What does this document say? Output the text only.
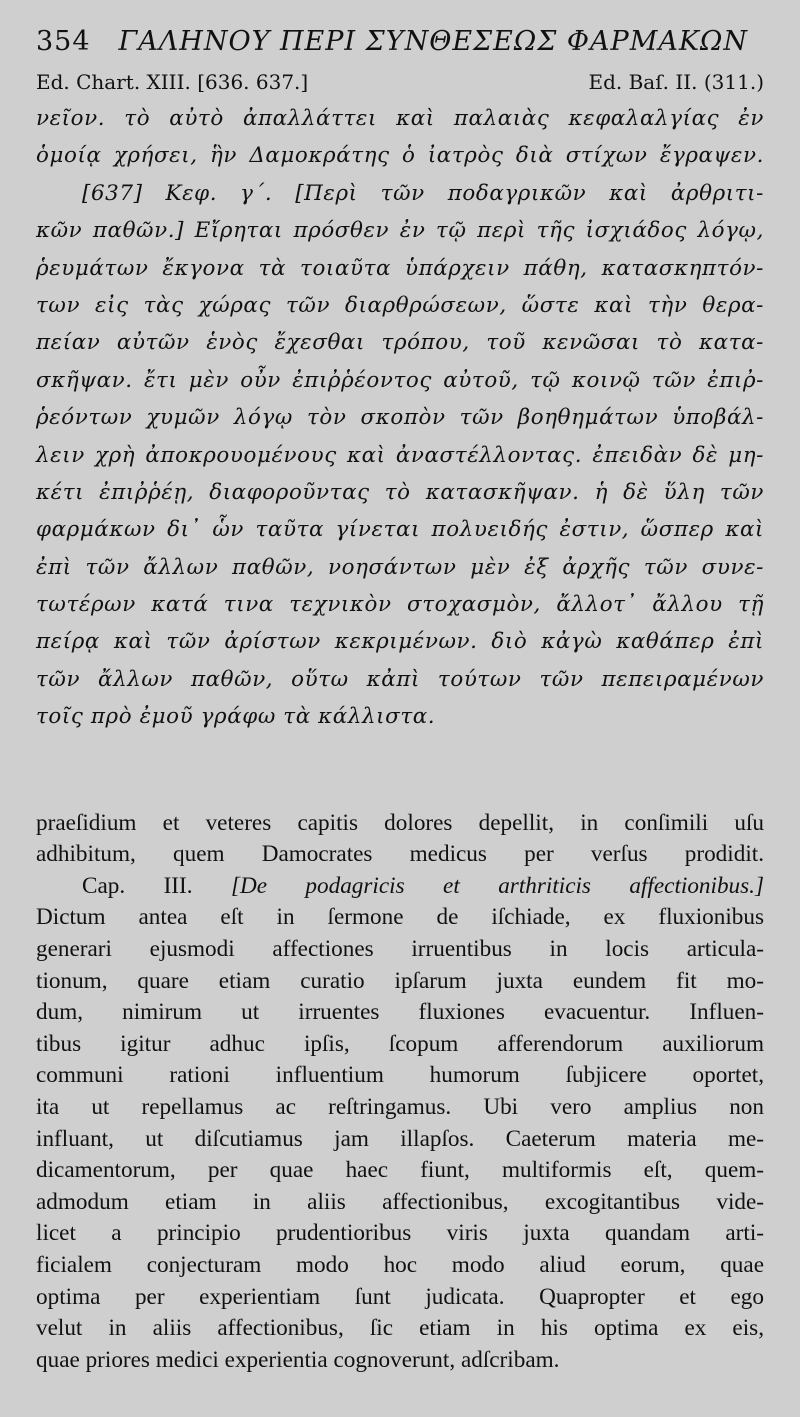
354 ΓΑΛΗΝΟΥ ΠΕΡΙ ΣΥΝΘΕΣΕΩΣ ΦΑΡΜΑΚΩΝ
Ed. Chart. XIII. [636. 637.]	Ed. Baſ. II. (311.)
νεῖον. τὸ αὐτὸ ἀπαλλάττει καὶ παλαιὰς κεφαλαλγίας ἐν
ὁμοίᾳ χρήσει, ἣν Δαμοκράτης ὁ ἰατρὸς διὰ στίχων ἔγραψεν.
[637] Κεφ. γ΄. [Περὶ τῶν ποδαγρικῶν καὶ ἀρθριτι-
κῶν παθῶν.] Εἴρηται πρόσθεν ἐν τῷ περὶ τῆς ἰσχιάδος λόγῳ,
ῥευμάτων ἔκγονα τὰ τοιαῦτα ὑπάρχειν πάθη, κατασκηπτόν-
των εἰς τὰς χώρας τῶν διαρθρώσεων, ὥστε καὶ τὴν θερα-
πείαν αὐτῶν ἑνὸς ἔχεσθαι τρόπου, τοῦ κενῶσαι τὸ κατα-
σκῆψαν. ἔτι μὲν οὖν ἐπιῤῥέοντος αὐτοῦ, τῷ κοινῷ τῶν ἐπιῤ-
ῥεόντων χυμῶν λόγῳ τὸν σκοπὸν τῶν βοηθημάτων ὑποβάλ-
λειν χρὴ ἀποκρουομένους καὶ ἀναστέλλοντας. ἐπειδὰν δὲ μη-
κέτι ἐπιῤῥέῃ, διαφοροῦντας τὸ κατασκῆψαν. ἡ δὲ ὕλη τῶν
φαρμάκων δι᾽ ὧν ταῦτα γίνεται πολυειδής ἐστιν, ὥσπερ καὶ
ἐπὶ τῶν ἄλλων παθῶν, νοησάντων μὲν ἐξ ἀρχῆς τῶν συνε-
τωτέρων κατά τινα τεχνικὸν στοχασμὸν, ἄλλοτ᾽ ἄλλου τῇ
πείρᾳ καὶ τῶν ἀρίστων κεκριμένων. διὸ κἀγὼ καθάπερ ἐπὶ
τῶν ἄλλων παθῶν, οὕτω κἀπὶ τούτων τῶν πεπειραμένων
τοῖς πρὸ ἐμοῦ γράφω τὰ κάλλιστα.
praeſidium et veteres capitis dolores depellit, in conſimili uſu
adhibitum, quem Damocrates medicus per verſus prodidit.
Cap. III. [De podagricis et arthriticis affectionibus.]
Dictum antea eſt in ſermone de iſchiade, ex fluxionibus
generari ejusmodi affectiones irruentibus in locis articula-
tionum, quare etiam curatio ipſarum juxta eundem fit mo-
dum, nimirum ut irruentes fluxiones evacuentur. Influen-
tibus igitur adhuc ipſis, ſcopum afferendorum auxiliorum
communi rationi influentium humorum ſubjicere oportet,
ita ut repellamus ac reſtringamus. Ubi vero amplius non
influant, ut diſcutiamus jam illapſos. Caeterum materia me-
dicamentorum, per quae haec fiunt, multiformis eſt, quem-
admodum etiam in aliis affectionibus, excogitantibus vide-
licet a principio prudentioribus viris juxta quandam arti-
ficialem conjecturam modo hoc modo aliud eorum, quae
optima per experientiam ſunt judicata. Quapropter et ego
velut in aliis affectionibus, ſic etiam in his optima ex eis,
quae priores medici experientia cognoverunt, adſcribam.
